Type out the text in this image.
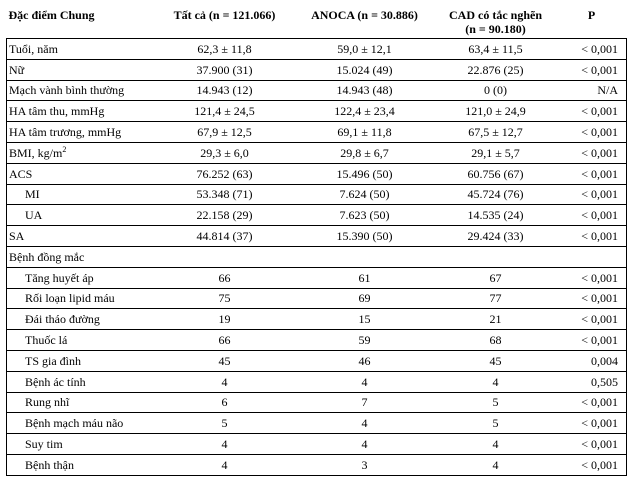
Đặc điểm Chung	Tất cả (n = 121.066)	ANOCA (n = 30.886)	CAD có tắc nghẽn
(n = 90.180)	P
Tuổi, năm	62,3 ± 11,8	59,0 ± 12,1	63,4 ± 11,5	< 0,001
Nữ	37.900 (31)	15.024 (49)	22.876 (25)	< 0,001
Mạch vành bình thường	14.943 (12)	14.943 (48)	0 (0)	N/A
HA tâm thu, mmHg	121,4 ± 24,5	122,4 ± 23,4	121,0 ± 24,9	< 0,001
HA tâm trương, mmHg	67,9 ± 12,5	69,1 ± 11,8	67,5 ± 12,7	< 0,001
BMI, $kg/m^2$	29,3 ± 6,0	29,8 ± 6,7	29,1 ± 5,7	< 0,001
ACS	76.252 (63)	15.496 (50)	60.756 (67)	< 0,001
MI	53.348 (71)	7.624 (50)	45.724 (76)	< 0,001
UA	22.158 (29)	7.623 (50)	14.535 (24)	< 0,001
SA	44.814 (37)	15.390 (50)	29.424 (33)	< 0,001
Bệnh đồng mắc				
Tăng huyết áp	66	61	67	< 0,001
Rối loạn lipid máu	75	69	77	< 0,001
Đái tháo đường	19	15	21	< 0,001
Thuốc lá	66	59	68	< 0,001
TS gia đình	45	46	45	0,004
Bệnh ác tính	4	4	4	0,505
Rung nhĩ	6	7	5	< 0,001
Bệnh mạch máu não	5	4	5	< 0,001
Suy tim	4	4	4	< 0,001
Bệnh thận	4	3	4	< 0,001
